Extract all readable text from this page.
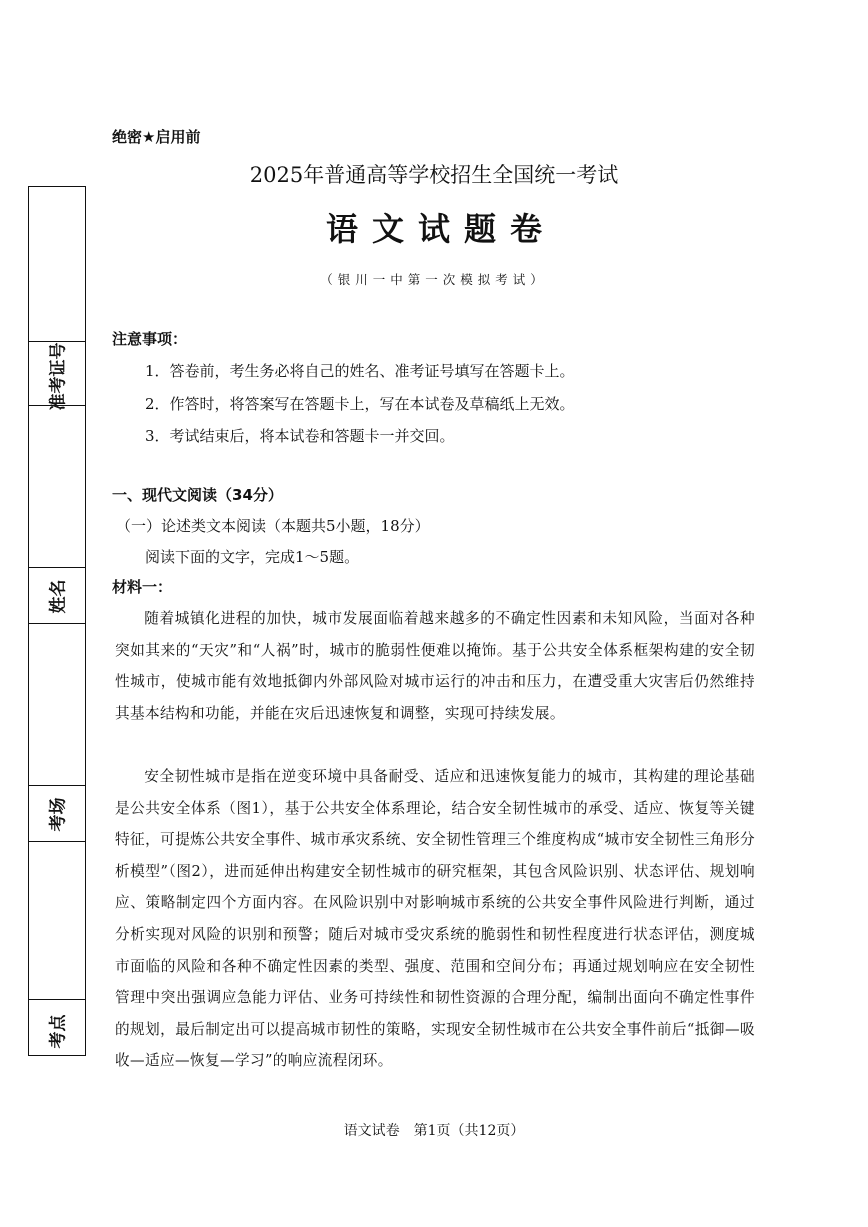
准考证号
姓名
考场
考点
绝密★启用前
2025年普通高等学校招生全国统一考试
语文试题卷
（银川一中第一次模拟考试）
注意事项：
1．答卷前，考生务必将自己的姓名、准考证号填写在答题卡上。
2．作答时，将答案写在答题卡上，写在本试卷及草稿纸上无效。
3．考试结束后，将本试卷和答题卡一并交回。
一、现代文阅读（34分）
（一）论述类文本阅读（本题共5小题，18分）
阅读下面的文字，完成1～5题。
材料一：
随着城镇化进程的加快，城市发展面临着越来越多的不确定性因素和未知风险，当面对各种突如其来的“天灾”和“人祸”时，城市的脆弱性便难以掩饰。基于公共安全体系框架构建的安全韧性城市，使城市能有效地抵御内外部风险对城市运行的冲击和压力，在遭受重大灾害后仍然维持其基本结构和功能，并能在灾后迅速恢复和调整，实现可持续发展。
安全韧性城市是指在逆变环境中具备耐受、适应和迅速恢复能力的城市，其构建的理论基础是公共安全体系（图1），基于公共安全体系理论，结合安全韧性城市的承受、适应、恢复等关键特征，可提炼公共安全事件、城市承灾系统、安全韧性管理三个维度构成“城市安全韧性三角形分析模型”（图2），进而延伸出构建安全韧性城市的研究框架，其包含风险识别、状态评估、规划响应、策略制定四个方面内容。在风险识别中对影响城市系统的公共安全事件风险进行判断，通过分析实现对风险的识别和预警；随后对城市受灾系统的脆弱性和韧性程度进行状态评估，测度城市面临的风险和各种不确定性因素的类型、强度、范围和空间分布；再通过规划响应在安全韧性管理中突出强调应急能力评估、业务可持续性和韧性资源的合理分配，编制出面向不确定性事件的规划，最后制定出可以提高城市韧性的策略，实现安全韧性城市在公共安全事件前后“抵御—吸收—适应—恢复—学习”的响应流程闭环。
语文试卷　第1页（共12页）
